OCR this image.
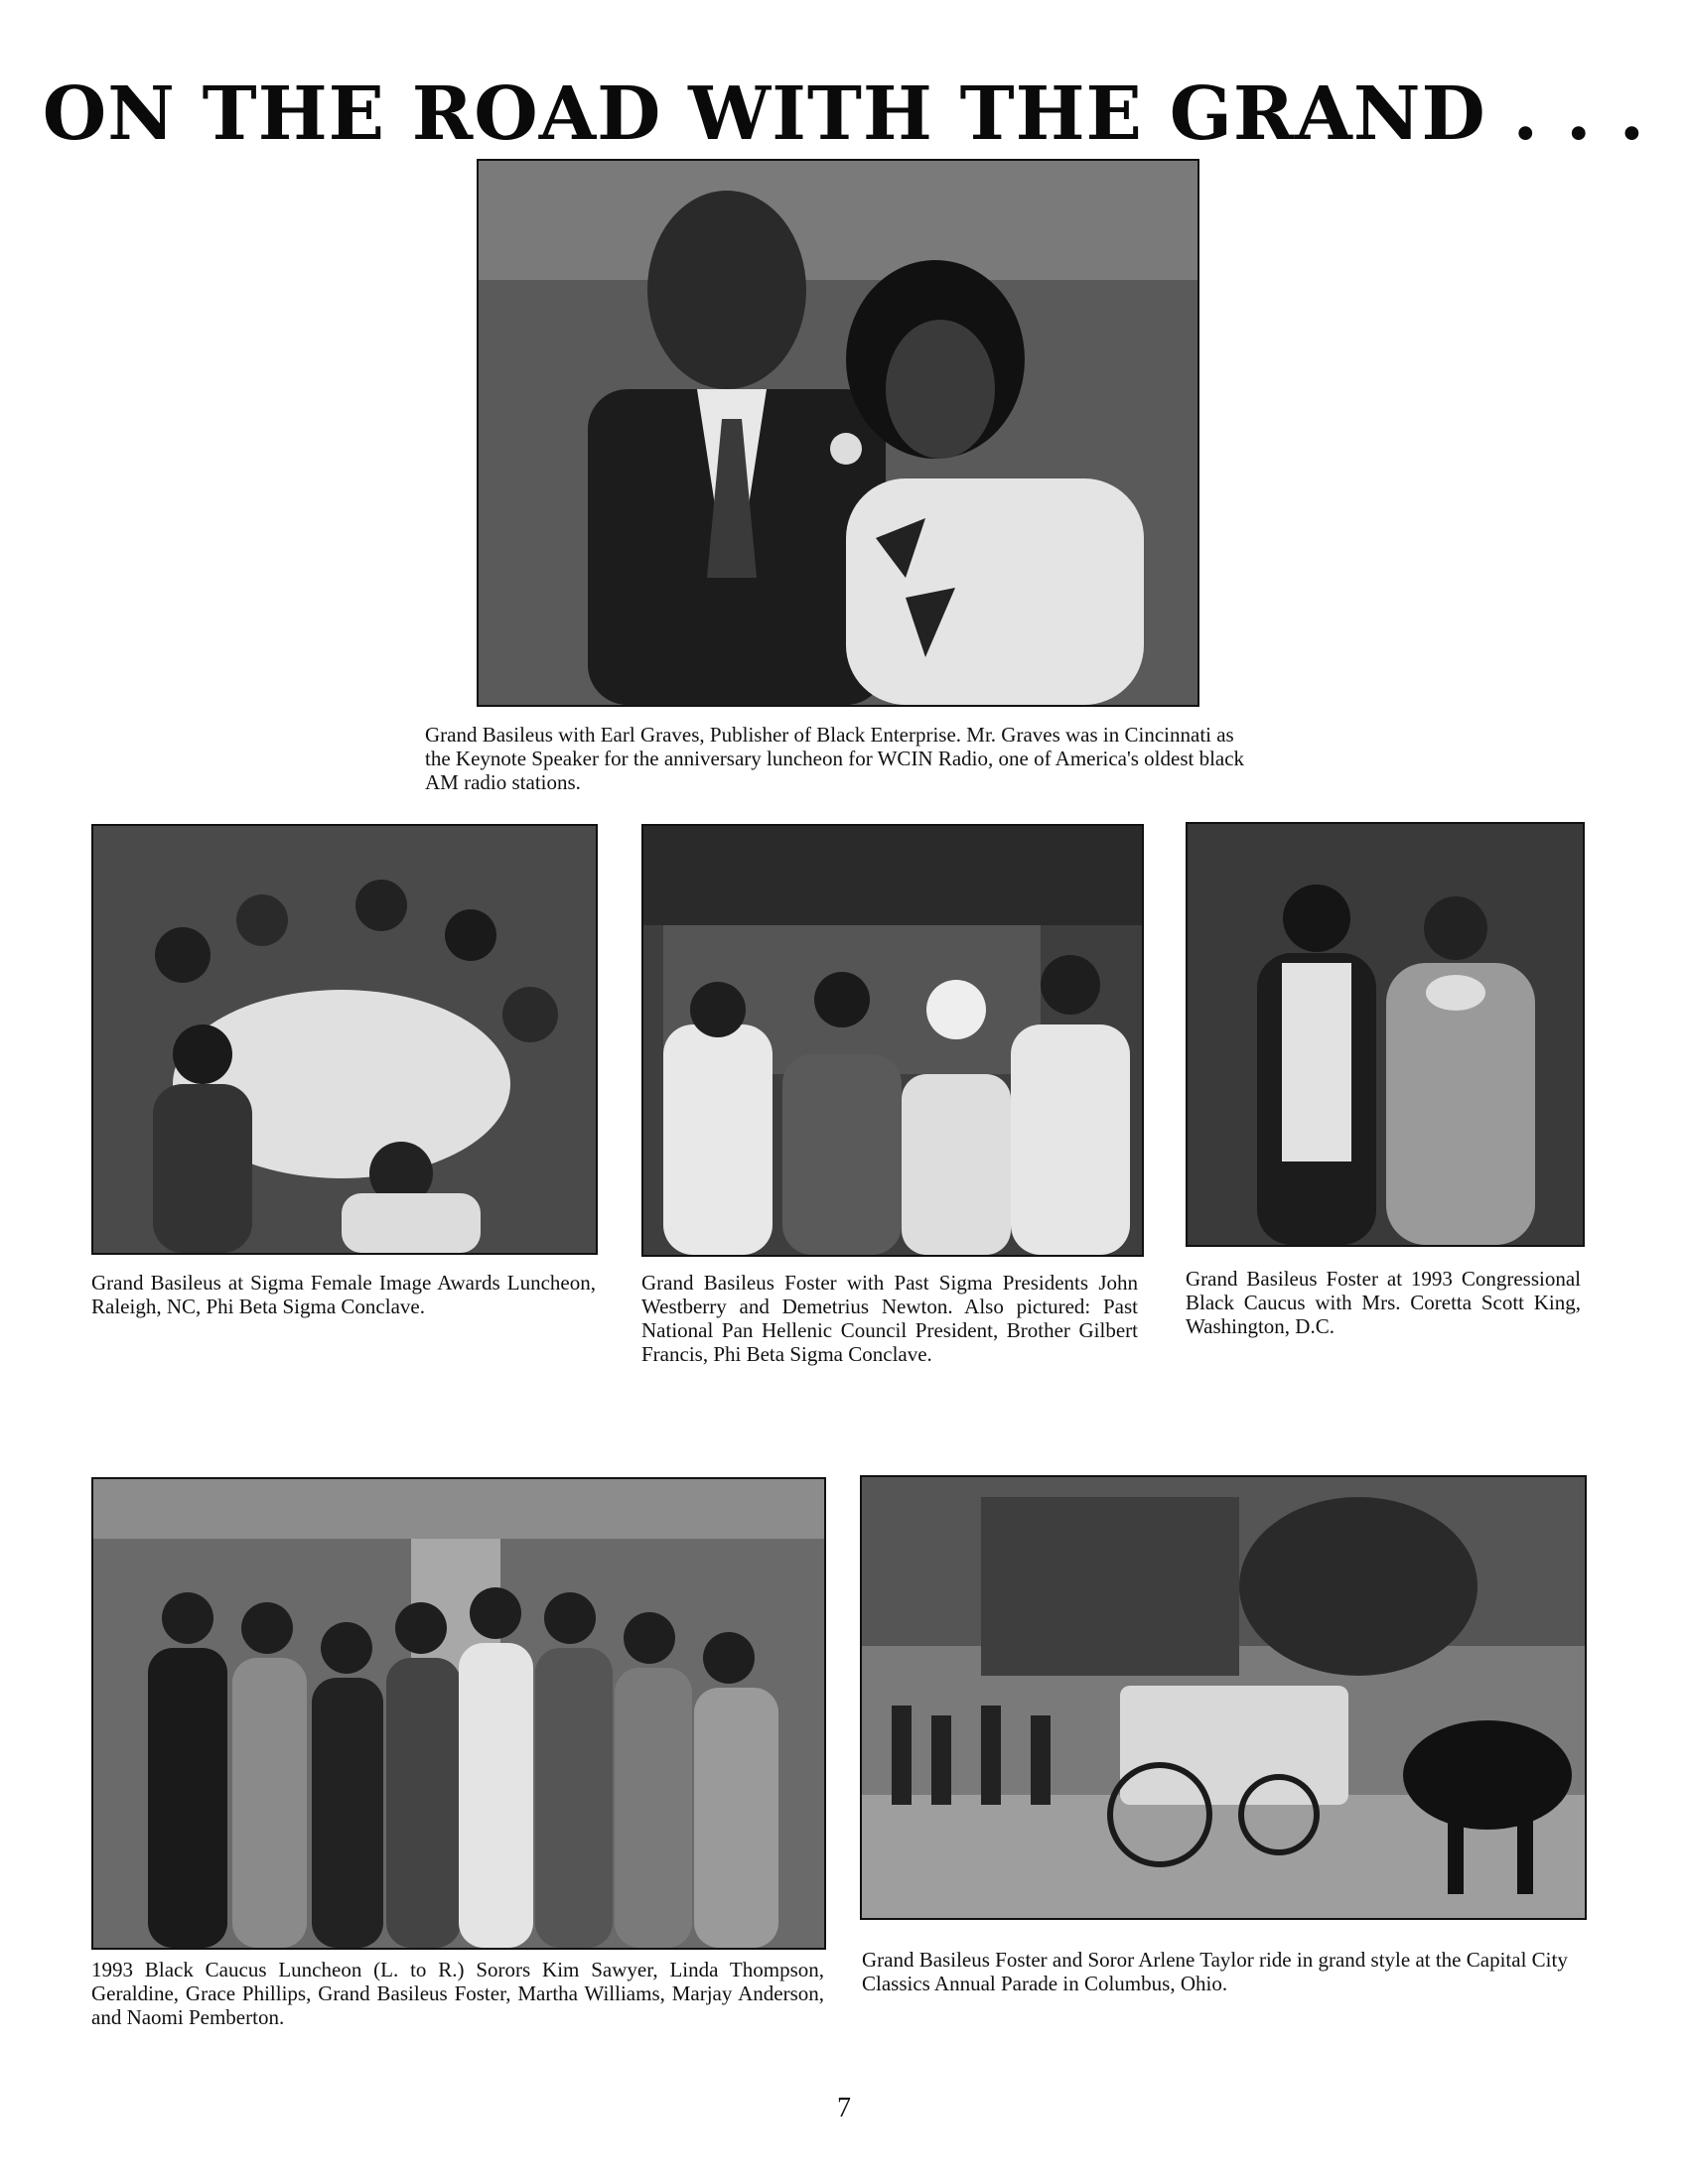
ON THE ROAD WITH THE GRAND . . .
Grand Basileus with Earl Graves, Publisher of Black Enterprise. Mr. Graves was in Cincinnati as the Keynote Speaker for the anniversary luncheon for WCIN Radio, one of America's oldest black AM radio stations.
Grand Basileus at Sigma Female Image Awards Luncheon, Raleigh, NC, Phi Beta Sigma Conclave.
Grand Basileus Foster with Past Sigma Presidents John Westberry and Demetrius Newton. Also pictured: Past National Pan Hellenic Council President, Brother Gilbert Francis, Phi Beta Sigma Conclave.
Grand Basileus Foster at 1993 Congressional Black Caucus with Mrs. Coretta Scott King, Washington, D.C.
1993 Black Caucus Luncheon (L. to R.) Sorors Kim Sawyer, Linda Thompson, Geraldine, Grace Phillips, Grand Basileus Foster, Martha Williams, Marjay Anderson, and Naomi Pemberton.
Grand Basileus Foster and Soror Arlene Taylor ride in grand style at the Capital City Classics Annual Parade in Columbus, Ohio.
7
